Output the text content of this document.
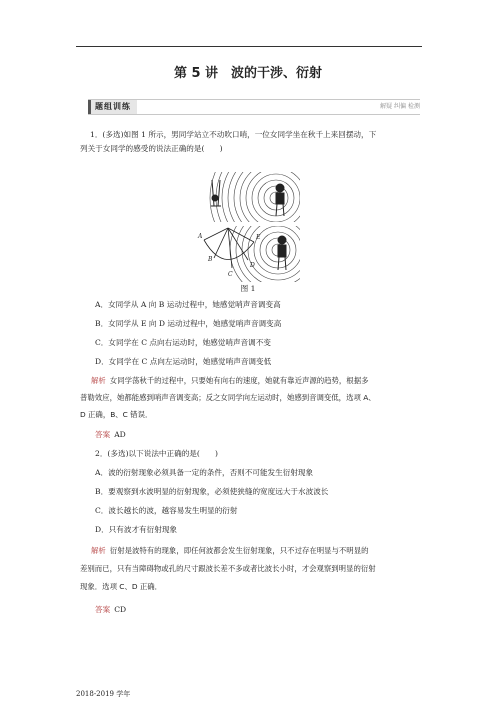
第 5 讲　波的干涉、衍射
题组训练	解疑 纠偏 检测
1．(多选)如图 1 所示，男同学站立不动吹口哨，一位女同学坐在秋千上来回摆动，下
列关于女同学的感受的说法正确的是(　　)
A
B
C
D
E
图 1
A．女同学从 A 向 B 运动过程中，她感觉哨声音调变高
B．女同学从 E 向 D 运动过程中，她感觉哨声音调变高
C．女同学在 C 点向右运动时，她感觉哨声音调不变
D．女同学在 C 点向左运动时，她感觉哨声音调变低
解析 女同学荡秋千的过程中，只要她有向右的速度，她就有靠近声源的趋势，根据多
普勒效应，她都能感到哨声音调变高；反之女同学向左运动时，她感到音调变低，选项 A、
D 正确，B、C 错误．
答案 AD
2．(多选)以下说法中正确的是(　　)
A．波的衍射现象必须具备一定的条件，否则不可能发生衍射现象
B．要观察到水波明显的衍射现象，必须使狭缝的宽度远大于水波波长
C．波长越长的波，越容易发生明显的衍射
D．只有波才有衍射现象
解析 衍射是波特有的现象，即任何波都会发生衍射现象，只不过存在明显与不明显的
差别而已，只有当障碍物或孔的尺寸跟波长差不多或者比波长小时，才会观察到明显的衍射
现象．选项 C、D 正确．
答案 CD
2018-2019 学年
